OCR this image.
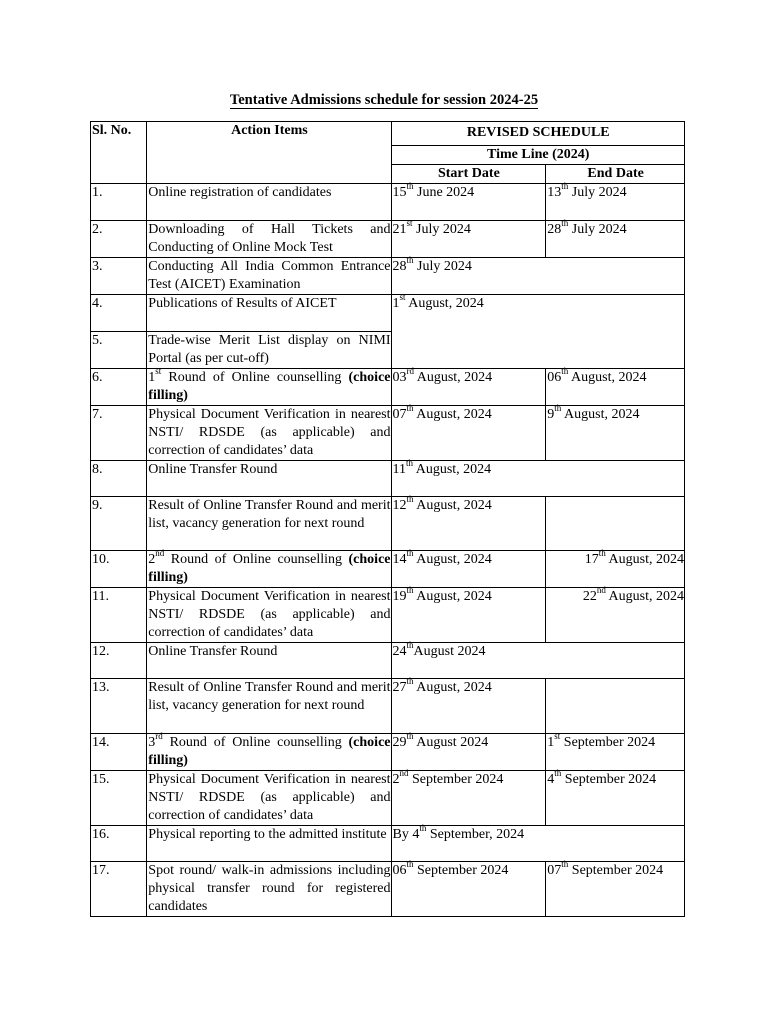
Tentative Admissions schedule for session 2024-25
Sl. No.	Action Items	REVISED SCHEDULE	
		Time Line (2024)	
		Start Date	End Date
1.	Online registration of candidates	15th June 2024	13th July 2024
2.	Downloading of Hall Tickets and Conducting of Online Mock Test	21st July 2024	28th July 2024
3.	Conducting All India Common Entrance Test (AICET) Examination	28th July 2024	
4.	Publications of Results of AICET	1st August, 2024	
5.	Trade-wise Merit List display on NIMI Portal (as per cut-off)		
6.	1st Round of Online counselling (choice filling)	03rd August, 2024	06th August, 2024
7.	Physical Document Verification in nearest NSTI/ RDSDE (as applicable) and correction of candidates’ data	07th August, 2024	9th August, 2024
8.	Online Transfer Round	11th August, 2024	
9.	Result of Online Transfer Round and merit list, vacancy generation for next round	12th August, 2024	
10.	2nd Round of Online counselling (choice filling)	14th August, 2024	17th August, 2024
11.	Physical Document Verification in nearest NSTI/ RDSDE (as applicable) and correction of candidates’ data	19th August, 2024	22nd August, 2024
12.	Online Transfer Round	24thAugust 2024	
13.	Result of Online Transfer Round and merit list, vacancy generation for next round	27th August, 2024	
14.	3rd Round of Online counselling (choice filling)	29th August 2024	1st September 2024
15.	Physical Document Verification in nearest NSTI/ RDSDE (as applicable) and correction of candidates’ data	2nd September 2024	4th September 2024
16.	Physical reporting to the admitted institute	By 4th September, 2024	
17.	Spot round/ walk-in admissions including physical transfer round for registered candidates	06th September 2024	07th September 2024
